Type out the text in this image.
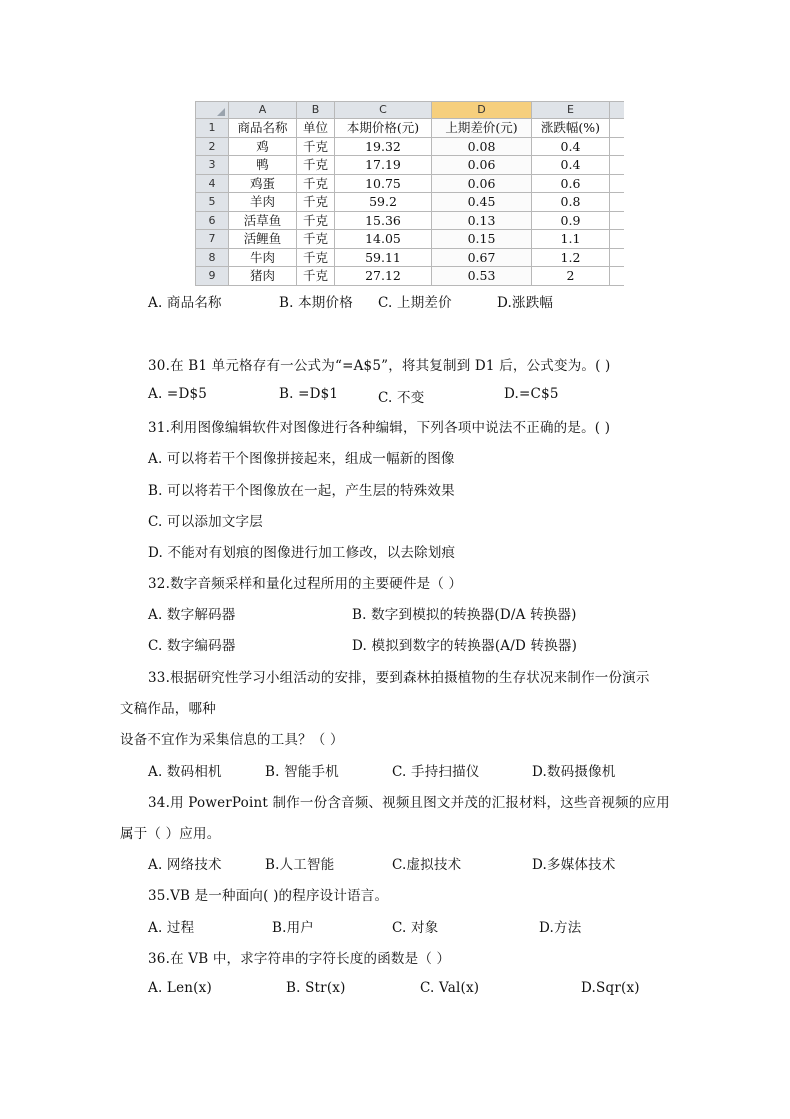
	A	B	C	D	E	
1	商品名称	单位	本期价格(元)	上期差价(元)	涨跌幅(%)	
2	鸡	千克	19.32	0.08	0.4	
3	鸭	千克	17.19	0.06	0.4	
4	鸡蛋	千克	10.75	0.06	0.6	
5	羊肉	千克	59.2	0.45	0.8	
6	活草鱼	千克	15.36	0.13	0.9	
7	活鲤鱼	千克	14.05	0.15	1.1	
8	牛肉	千克	59.11	0.67	1.2	
9	猪肉	千克	27.12	0.53	2	
A. 商品名称	B. 本期价格 C. 上期差价	D.涨跌幅
30.在 B1 单元格存有一公式为“=A$5”，将其复制到 D1 后，公式变为。( )
A. =D$5	B. =D$1	C. 不变	D.=C$5
31.利用图像编辑软件对图像进行各种编辑，下列各项中说法不正确的是。( )
A. 可以将若干个图像拼接起来，组成一幅新的图像
B. 可以将若干个图像放在一起，产生层的特殊效果
C. 可以添加文字层
D. 不能对有划痕的图像进行加工修改，以去除划痕
32.数字音频采样和量化过程所用的主要硬件是（ ）
A. 数字解码器	B. 数字到模拟的转换器(D/A 转换器)
C. 数字编码器	D. 模拟到数字的转换器(A/D 转换器)
33.根据研究性学习小组活动的安排，要到森林拍摄植物的生存状况来制作一份演示
文稿作品，哪种
设备不宜作为采集信息的工具？（ ）
A. 数码相机	B. 智能手机	C. 手持扫描仪	D.数码摄像机
34.用 PowerPoint 制作一份含音频、视频且图文并茂的汇报材料，这些音视频的应用
属于（ ）应用。
A. 网络技术	B.人工智能	C.虚拟技术	D.多媒体技术
35.VB 是一种面向( )的程序设计语言。
A. 过程	B.用户	C. 对象	D.方法
36.在 VB 中，求字符串的字符长度的函数是（ ）
A. Len(x)	B. Str(x)	C. Val(x)	D.Sqr(x)
